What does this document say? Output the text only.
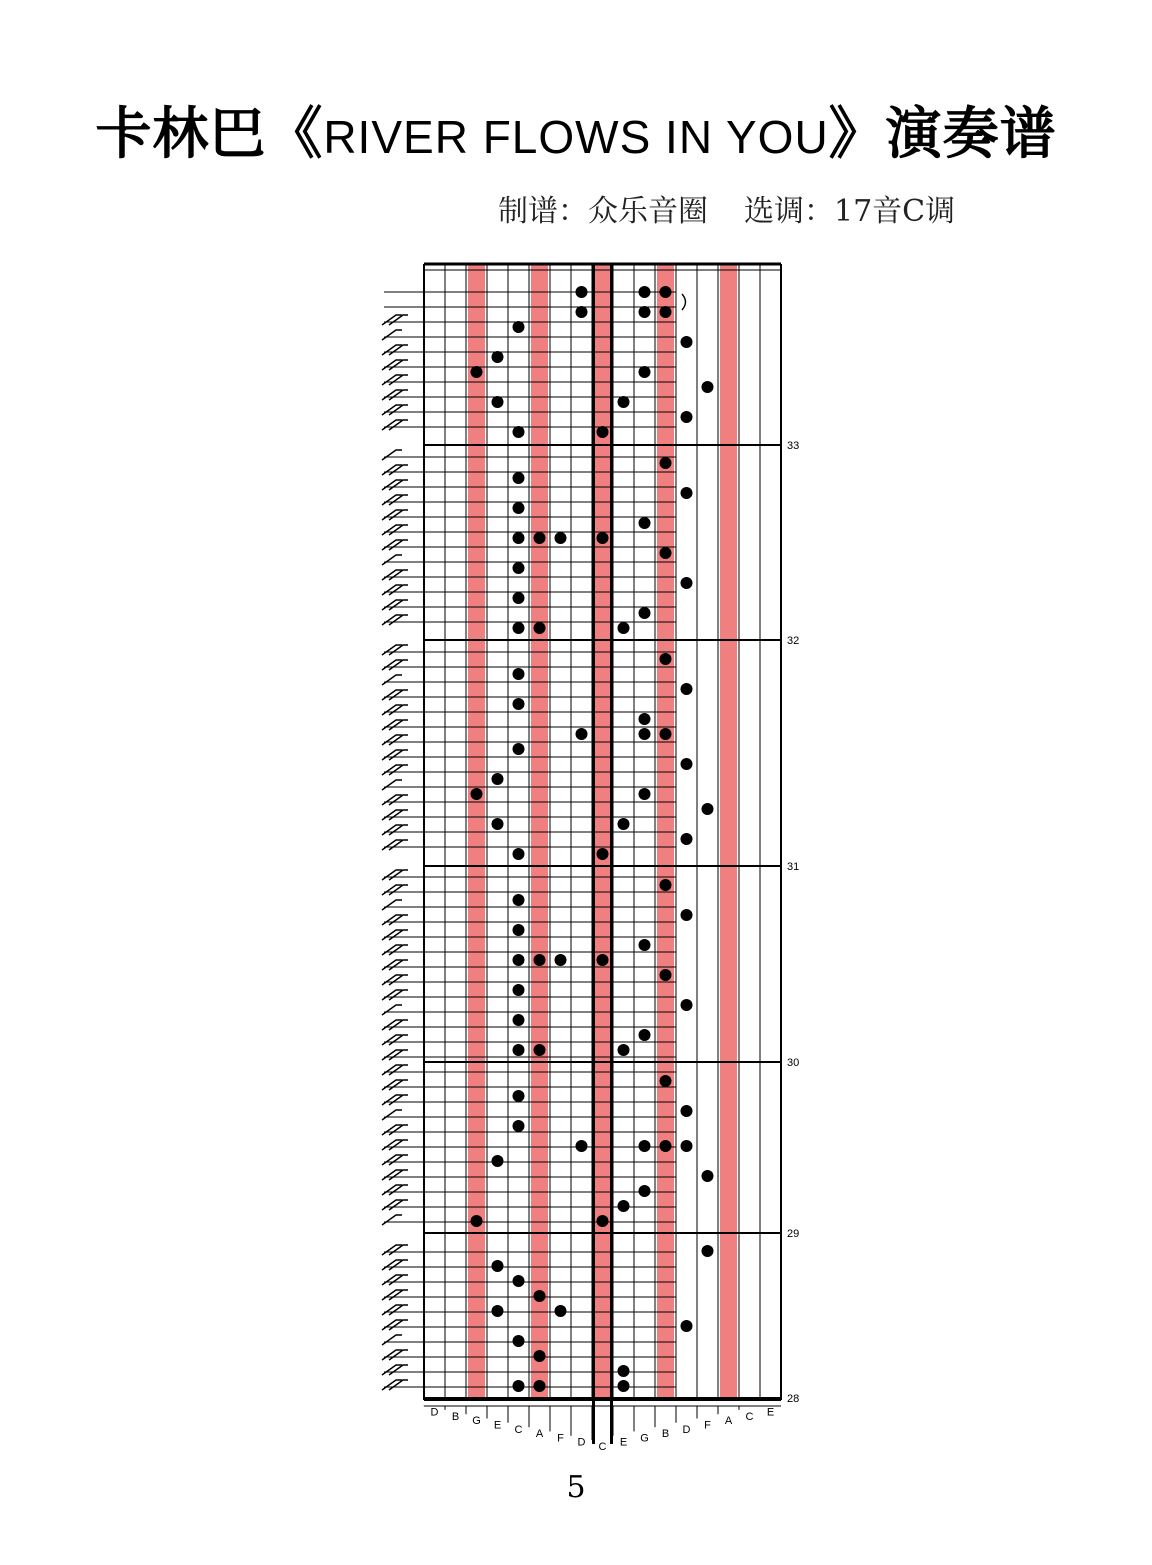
卡林巴《RIVER FLOWS IN YOU》演奏谱
制谱：众乐音圈 选调：17音C调
33
32
31
30
29
28
D B G E C A F D C E G B D F A C E
5
